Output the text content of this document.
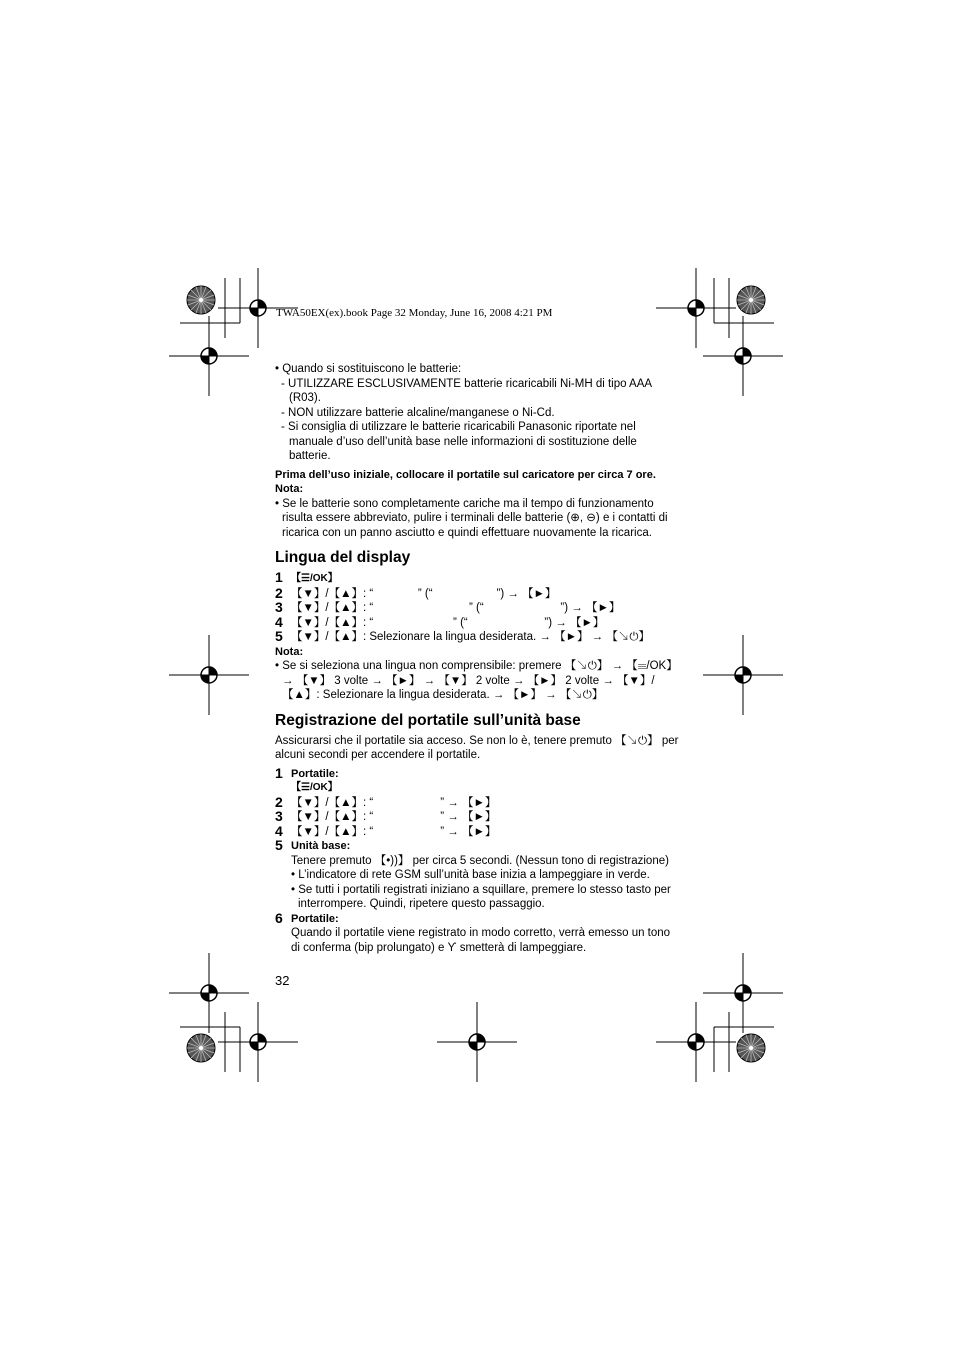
TWA50EX(ex).book Page 32 Monday, June 16, 2008 4:21 PM

• Quando si sostituiscono le batterie:

- UTILIZZARE ESCLUSIVAMENTE batterie ricaricabili Ni-MH di tipo AAA (R03).

- NON utilizzare batterie alcaline/manganese o Ni-Cd.

- Si consiglia di utilizzare le batterie ricaricabili Panasonic riportate nel manuale d’uso dell’unità base nelle informazioni di sostituzione delle batterie.

Prima dell’uso iniziale, collocare il portatile sul caricatore per circa 7 ore.

Nota:

• Se le batterie sono completamente cariche ma il tempo di funzionamento risulta essere abbreviato, pulire i terminali delle batterie (⊕, ⊖) e i contatti di ricarica con un panno asciutto e quindi effettuare nuovamente la ricarica.

Lingua del display
1 【☰/OK】
2 【▼】/【▲】: “              ” (“                    ”) → 【►】
3 【▼】/【▲】: “                              ” (“                        ”) → 【►】
4 【▼】/【▲】: “                         ” (“                        ”) → 【►】
5 【▼】/【▲】: Selezionare la lingua desiderata. → 【►】 → 【↘⏻】

Nota:

• Se si seleziona una lingua non comprensibile: premere 【↘⏻】 → 【☰/OK】 → 【▼】 3 volte → 【►】 → 【▼】 2 volte → 【►】 2 volte → 【▼】/【▲】: Selezionare la lingua desiderata. → 【►】 → 【↘⏻】

Registrazione del portatile sull’unità base

Assicurarsi che il portatile sia acceso. Se non lo è, tenere premuto 【↘⏻】 per alcuni secondi per accendere il portatile.

1 Portatile:

【☰/OK】

2 【▼】/【▲】: “                     ” → 【►】
3 【▼】/【▲】: “                     ” → 【►】
4 【▼】/【▲】: “                     ” → 【►】
5 Unità base:

Tenere premuto 【•))】 per circa 5 secondi. (Nessun tono di registrazione)

• L’indicatore di rete GSM sull’unità base inizia a lampeggiare in verde.

• Se tutti i portatili registrati iniziano a squillare, premere lo stesso tasto per interrompere. Quindi, ripetere questo passaggio.

6 Portatile:

Quando il portatile viene registrato in modo corretto, verrà emesso un tono di conferma (bip prolungato) e Ƴ smetterà di lampeggiare.

32
